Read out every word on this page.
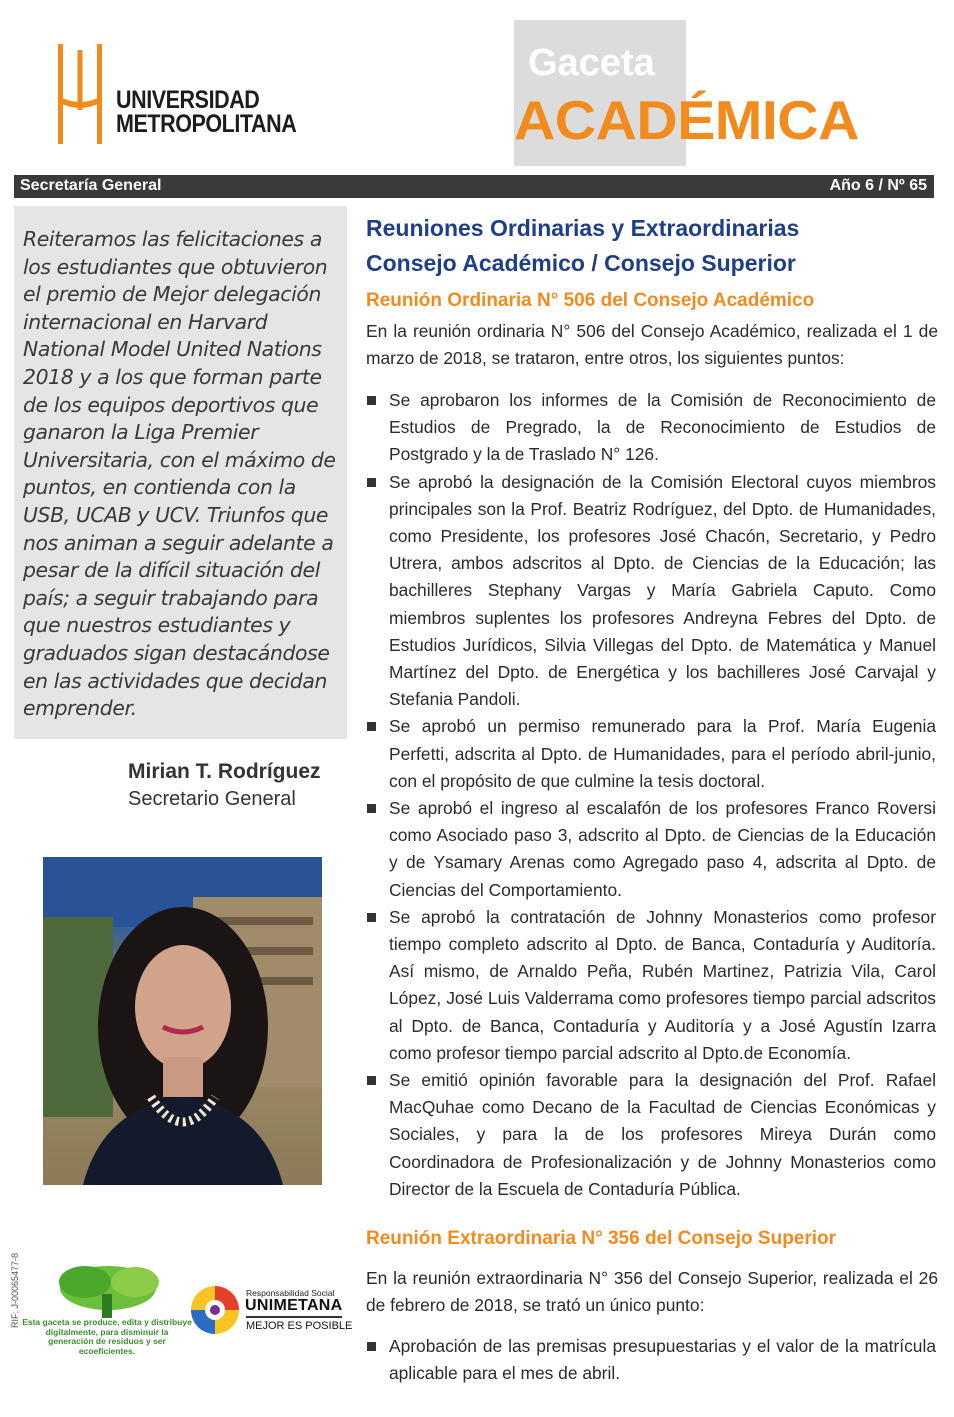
UNIVERSIDAD
METROPOLITANA
Gaceta
ACADÉMICA
Secretaría General	Año 6 / Nº 65
Reiteramos las felicitaciones a los estudiantes que obtuvieron el premio de Mejor delegación internacional en Harvard National Model United Nations 2018 y a los que forman parte de los equipos deportivos que ganaron la Liga Premier Universitaria, con el máximo de puntos, en contienda con la USB, UCAB y UCV. Triunfos que nos animan a seguir adelante a pesar de la difícil situación del país; a seguir trabajando para que nuestros estudiantes y graduados sigan destacándose en las actividades que decidan emprender.
Mirian T. Rodríguez
Secretario General
RIF: J-00065477-8 Esta gaceta se produce, edita y distribuye digitalmente, para disminuir la generación de residuos y ser ecoeficientes.
Responsabilidad Social
UNIMETANA
MEJOR ES POSIBLE
Reuniones Ordinarias y Extraordinarias
Consejo Académico / Consejo Superior
Reunión Ordinaria N° 506 del Consejo Académico
En la reunión ordinaria N° 506 del Consejo Académico, realizada el 1 de marzo de 2018, se trataron, entre otros, los siguientes puntos:
Se aprobaron los informes de la Comisión de Reconocimiento de Estudios de Pregrado, la de Reconocimiento de Estudios de Postgrado y la de Traslado N° 126.
Se aprobó la designación de la Comisión Electoral cuyos miembros principales son la Prof. Beatriz Rodríguez, del Dpto. de Humanidades, como Presidente, los profesores José Chacón, Secretario, y Pedro Utrera, ambos adscritos al Dpto. de Ciencias de la Educación; las bachilleres Stephany Vargas y María Gabriela Caputo. Como miembros suplentes los profesores Andreyna Febres del Dpto. de Estudios Jurídicos, Silvia Villegas del Dpto. de Matemática y Manuel Martínez del Dpto. de Energética y los bachilleres José Carvajal y Stefania Pandoli.
Se aprobó un permiso remunerado para la Prof. María Eugenia Perfetti, adscrita al Dpto. de Humanidades, para el período abril-junio, con el propósito de que culmine la tesis doctoral.
Se aprobó el ingreso al escalafón de los profesores Franco Roversi como Asociado paso 3, adscrito al Dpto. de Ciencias de la Educación y de Ysamary Arenas como Agregado paso 4, adscrita al Dpto. de Ciencias del Comportamiento.
Se aprobó la contratación de Johnny Monasterios como profesor tiempo completo adscrito al Dpto. de Banca, Contaduría y Auditoría. Así mismo, de Arnaldo Peña, Rubén Martinez, Patrizia Vila, Carol López, José Luis Valderrama como profesores tiempo parcial adscritos al Dpto. de Banca, Contaduría y Auditoría y a José Agustín Izarra como profesor tiempo parcial adscrito al Dpto.de Economía.
Se emitió opinión favorable para la designación del Prof. Rafael MacQuhae como Decano de la Facultad de Ciencias Económicas y Sociales, y para la de los profesores Mireya Durán como Coordinadora de Profesionalización y de Johnny Monasterios como Director de la Escuela de Contaduría Pública.
Reunión Extraordinaria N° 356 del Consejo Superior
En la reunión extraordinaria N° 356 del Consejo Superior, realizada el 26 de febrero de 2018, se trató un único punto:
Aprobación de las premisas presupuestarias y el valor de la matrícula aplicable para el mes de abril.
